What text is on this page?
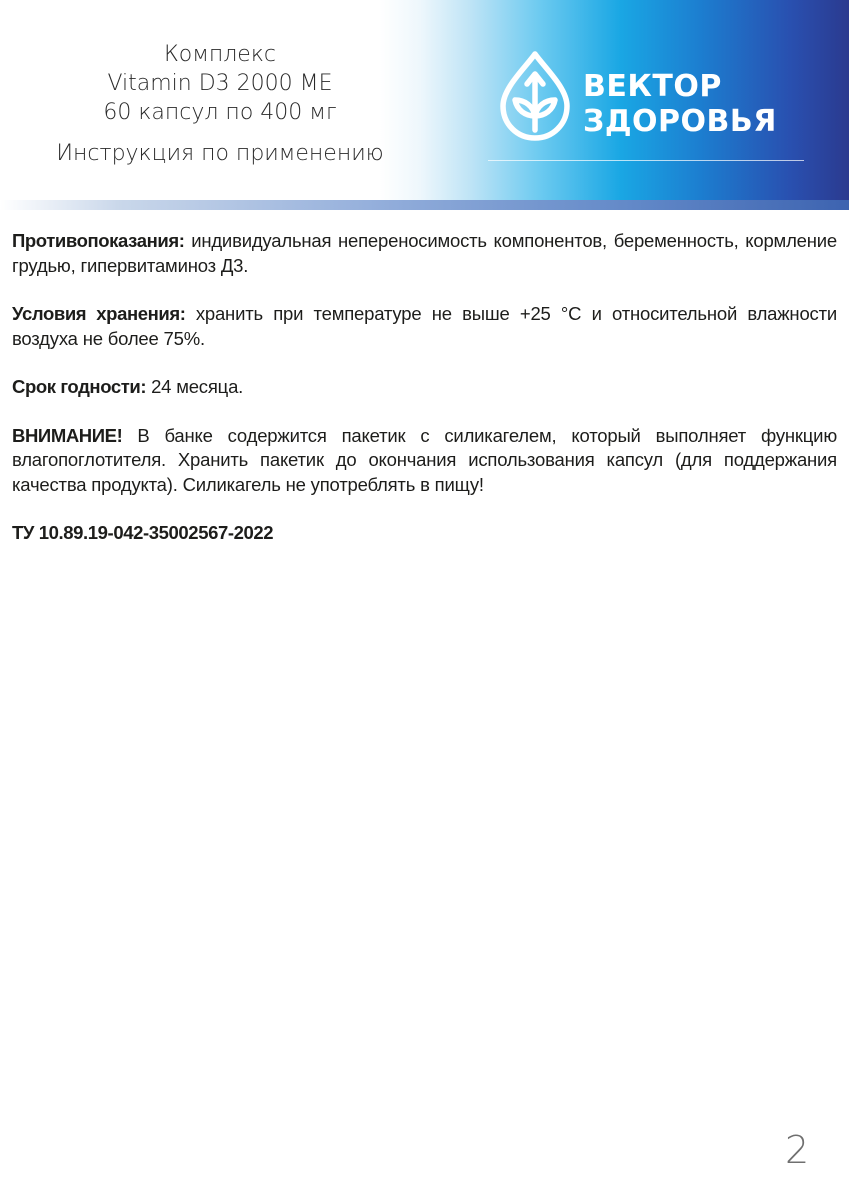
Комплекс
Vitamin D3 2000 МЕ
60 капсул по 400 мг
Инструкция по применению
ВЕКТОР
ЗДОРОВЬЯ

Противопоказания: индивидуальная непереносимость компонентов, беременность, кормление грудью, гипервитаминоз Д3.

Условия хранения: хранить при температуре не выше +25 °С и относительной влажности воздуха не более 75%.

Срок годности: 24 месяца.

ВНИМАНИЕ! В банке содержится пакетик с силикагелем, который выполняет функцию влагопоглотителя. Хранить пакетик до окончания использования капсул (для поддержания качества продукта). Силикагель не употреблять в пищу!

ТУ 10.89.19-042-35002567-2022

2
